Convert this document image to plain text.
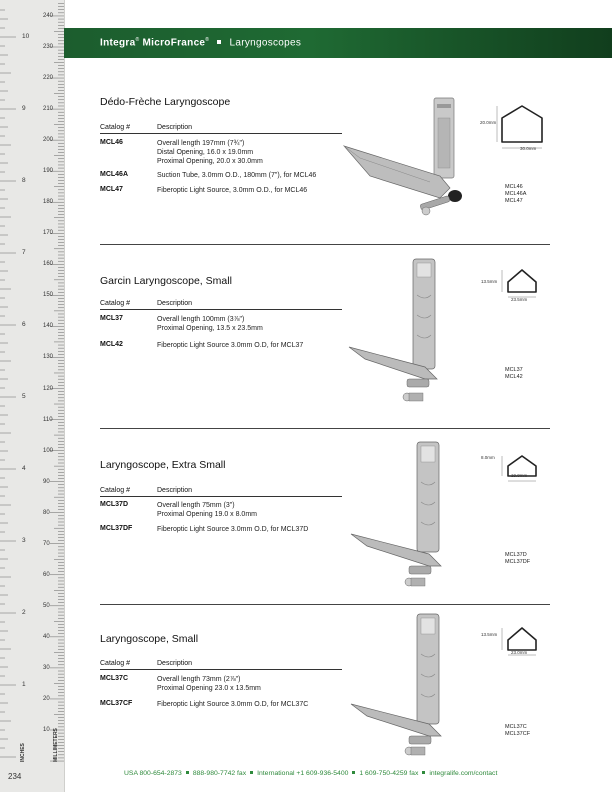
240
230
220
210
200
190
180
170
160
150
140
130
120
110
100
90
80
70
60
50
40
30
20
10
10
9
8
7
6
5
4
3
2
1
INCHES	MILLIMETERS
234
Integra® MicroFrance® Laryngoscopes
Dédo-Frèche Laryngoscope
Catalog #	Description
MCL46	Overall length 197mm (7¾")
Distal Opening, 16.0 x 19.0mm
Proximal Opening, 20.0 x 30.0mm
MCL46A	Suction Tube, 3.0mm O.D., 180mm (7"), for MCL46
MCL47	Fiberoptic Light Source, 3.0mm O.D., for MCL46
20.0mm
30.0mm
MCL46
MCL46A
MCL47
Garcin Laryngoscope, Small
Catalog #	Description
MCL37	Overall length 100mm (3⅞")
Proximal Opening, 13.5 x 23.5mm
MCL42	Fiberoptic Light Source 3.0mm O.D, for MCL37
13.5mm
23.5mm
MCL37
MCL42
Laryngoscope, Extra Small
Catalog #	Description
MCL37D	Overall length 75mm (3")
Proximal Opening 19.0 x 8.0mm
MCL37DF	Fiberoptic Light Source 3.0mm O.D, for MCL37D
8.0mm
19.0mm
MCL37D
MCL37DF
Laryngoscope, Small
Catalog #	Description
MCL37C	Overall length 73mm (2⅞")
Proximal Opening 23.0 x 13.5mm
MCL37CF	Fiberoptic Light Source 3.0mm O.D, for MCL37C
13.5mm
23.0mm
MCL37C
MCL37CF
USA 800-654-2873 888-980-7742 fax International +1 609-936-5400 1 609-750-4259 fax integralife.com/contact
